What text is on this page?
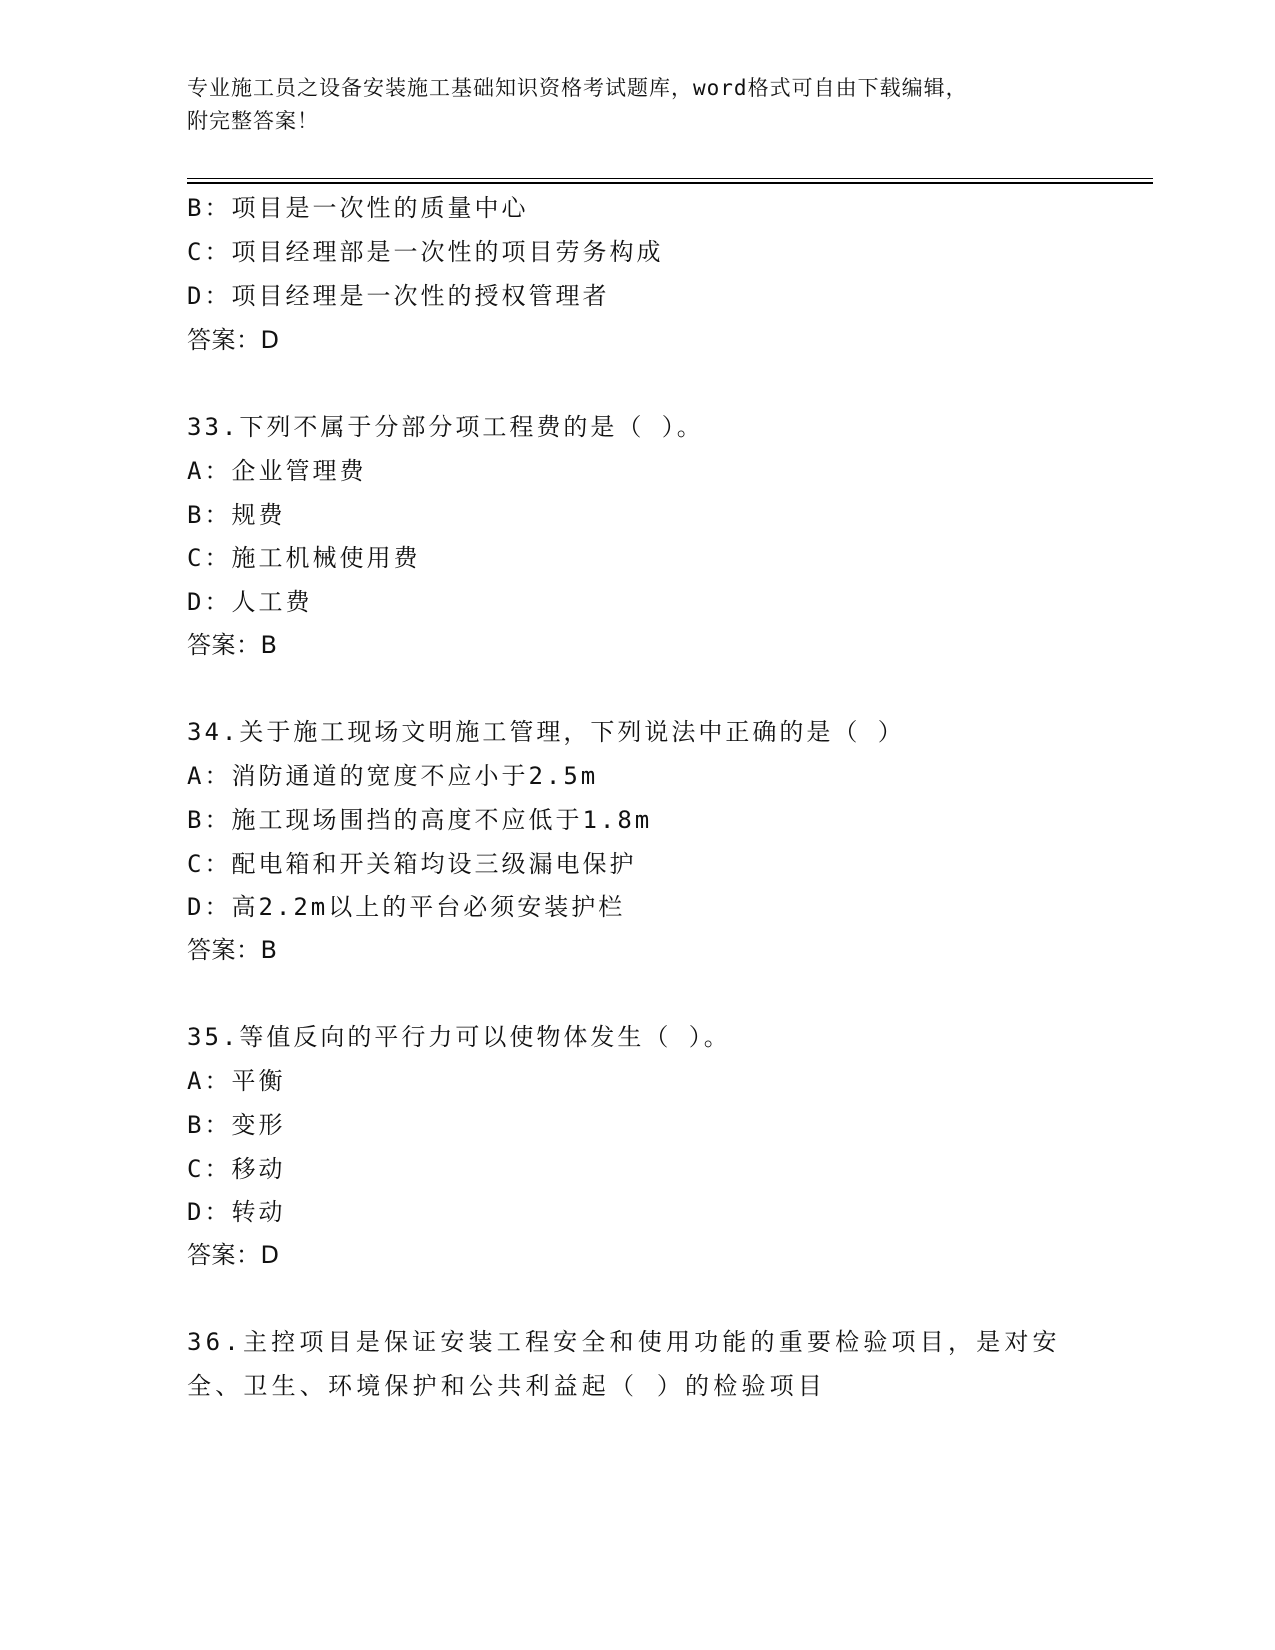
专业施工员之设备安装施工基础知识资格考试题库，word格式可自由下载编辑，
附完整答案！
B：项目是一次性的质量中心
C：项目经理部是一次性的项目劳务构成
D：项目经理是一次性的授权管理者
答案：D
33.下列不属于分部分项工程费的是（ ）。
A：企业管理费
B：规费
C：施工机械使用费
D：人工费
答案：B
34.关于施工现场文明施工管理，下列说法中正确的是（ ）
A：消防通道的宽度不应小于2.5m
B：施工现场围挡的高度不应低于1.8m
C：配电箱和开关箱均设三级漏电保护
D：高2.2m以上的平台必须安装护栏
答案：B
35.等值反向的平行力可以使物体发生（ ）。
A：平衡
B：变形
C：移动
D：转动
答案：D
36.主控项目是保证安装工程安全和使用功能的重要检验项目，是对安
全、卫生、环境保护和公共利益起（ ）的检验项目
